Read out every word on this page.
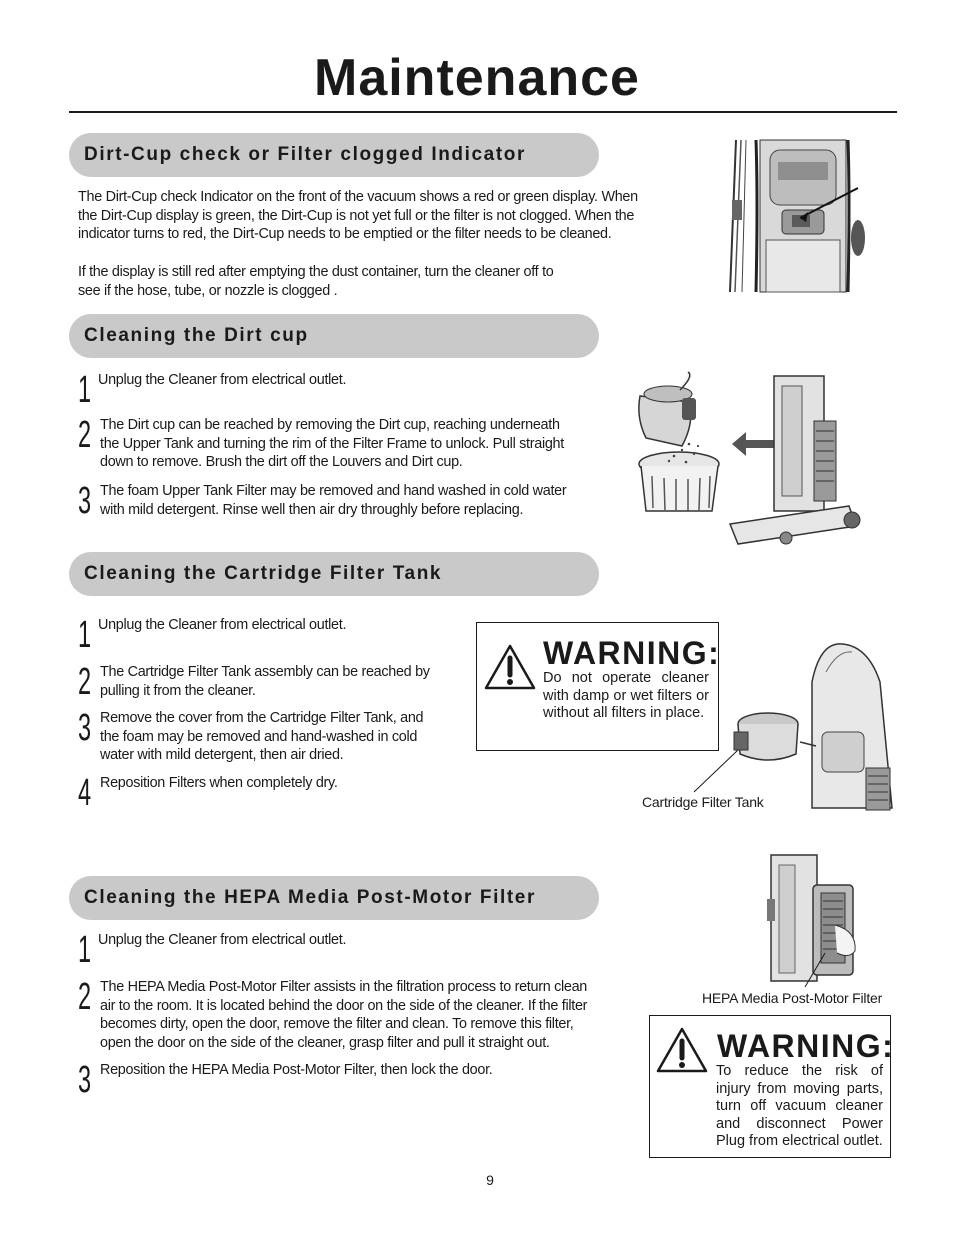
Maintenance
Dirt-Cup check or Filter clogged Indicator
The Dirt-Cup check Indicator on the front of the vacuum shows a red or green display. When the Dirt-Cup display is green, the Dirt-Cup is not yet full or the filter is not clogged. When the indicator turns to red, the Dirt-Cup needs to be emptied or the filter needs to be cleaned.
If the display is still red after emptying the dust container, turn the cleaner off to see if the hose, tube, or nozzle is clogged .
Cleaning the Dirt cup
1 Unplug the Cleaner from electrical outlet.
2 The Dirt cup can be reached by removing the Dirt cup, reaching underneath the Upper Tank and turning the rim of the Filter Frame to unlock. Pull straight down to remove. Brush the dirt off the Louvers and Dirt cup.
3 The foam Upper Tank Filter may be removed and hand washed in cold water with mild detergent. Rinse well then air dry throughly before replacing.
Cleaning the Cartridge Filter Tank
1 Unplug the Cleaner from electrical outlet.
2 The Cartridge Filter Tank assembly can be reached by pulling it from the cleaner.
3 Remove the cover from the Cartridge Filter Tank, and the foam may be removed and hand-washed in cold water with mild detergent, then air dried.
4 Reposition Filters when completely dry.
WARNING:
Do not operate cleaner with damp or wet filters or without all filters in place.
Cartridge Filter Tank
Cleaning the HEPA Media Post-Motor Filter
1 Unplug the Cleaner from electrical outlet.
2 The HEPA Media Post-Motor Filter assists in the filtration process to return clean air to the room. It is located behind the door on the side of the cleaner. If the filter becomes dirty, open the door, remove the filter and clean. To remove this filter, open the door on the side of the cleaner, grasp filter and pull it straight out.
3 Reposition the HEPA Media Post-Motor Filter, then lock the door.
HEPA Media Post-Motor Filter
WARNING:
To reduce the risk of injury from moving parts, turn off vacuum cleaner and disconnect Power Plug from electrical outlet.
9
